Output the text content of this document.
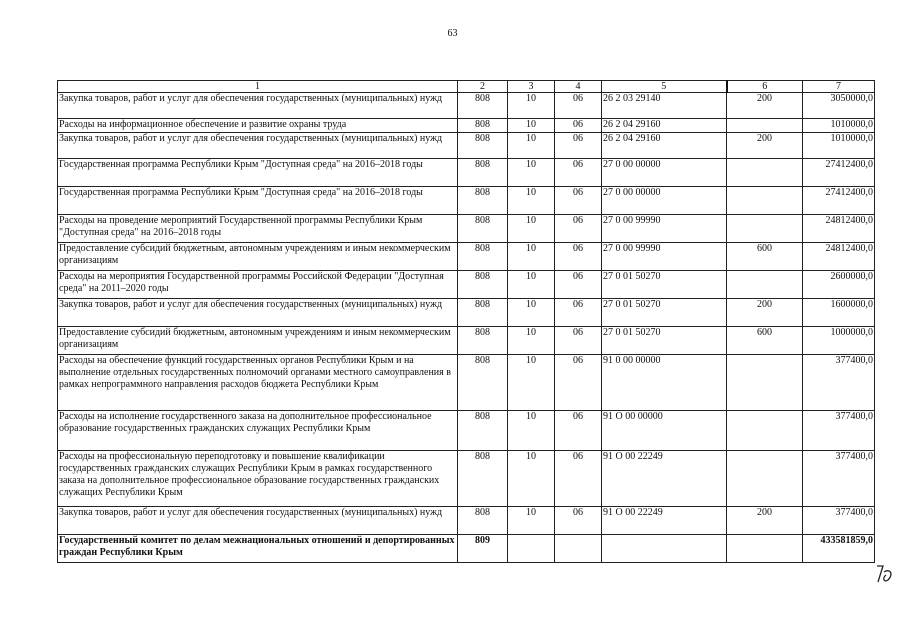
63
1	2	3	4	5	6	7
Закупка товаров, работ и услуг для обеспечения государственных (муниципальных) нужд	808	10	06	26 2 03 29140	200	3050000,0
Расходы на информационное обеспечение и развитие охраны труда	808	10	06	26 2 04 29160		1010000,0
Закупка товаров, работ и услуг для обеспечения государственных (муниципальных) нужд	808	10	06	26 2 04 29160	200	1010000,0
Государственная программа Республики Крым "Доступная среда" на 2016–2018 годы	808	10	06	27 0 00 00000		27412400,0
Государственная программа Республики Крым "Доступная среда" на 2016–2018 годы	808	10	06	27 0 00 00000		27412400,0
Расходы на проведение мероприятий Государственной программы Республики Крым "Доступная среда" на 2016–2018 годы	808	10	06	27 0 00 99990		24812400,0
Предоставление субсидий бюджетным, автономным учреждениям и иным некоммерческим организациям	808	10	06	27 0 00 99990	600	24812400,0
Расходы на мероприятия Государственной программы Российской Федерации "Доступная среда" на 2011–2020 годы	808	10	06	27 0 01 50270		2600000,0
Закупка товаров, работ и услуг для обеспечения государственных (муниципальных) нужд	808	10	06	27 0 01 50270	200	1600000,0
Предоставление субсидий бюджетным, автономным учреждениям и иным некоммерческим организациям	808	10	06	27 0 01 50270	600	1000000,0
Расходы на обеспечение функций государственных органов Республики Крым и на выполнение отдельных государственных полномочий органами местного самоуправления в рамках непрограммного направления расходов бюджета Республики Крым	808	10	06	91 0 00 00000		377400,0
Расходы на исполнение государственного заказа на дополнительное профессиональное образование государственных гражданских служащих Республики Крым	808	10	06	91 О 00 00000		377400,0
Расходы на профессиональную переподготовку и повышение квалификации государственных гражданских служащих Республики Крым в рамках государственного заказа на дополнительное профессиональное образование государственных гражданских служащих Республики Крым	808	10	06	91 О 00 22249		377400,0
Закупка товаров, работ и услуг для обеспечения государственных (муниципальных) нужд	808	10	06	91 О 00 22249	200	377400,0
Государственный комитет по делам межнациональных отношений и депортированных граждан Республики Крым	809					433581859,0
